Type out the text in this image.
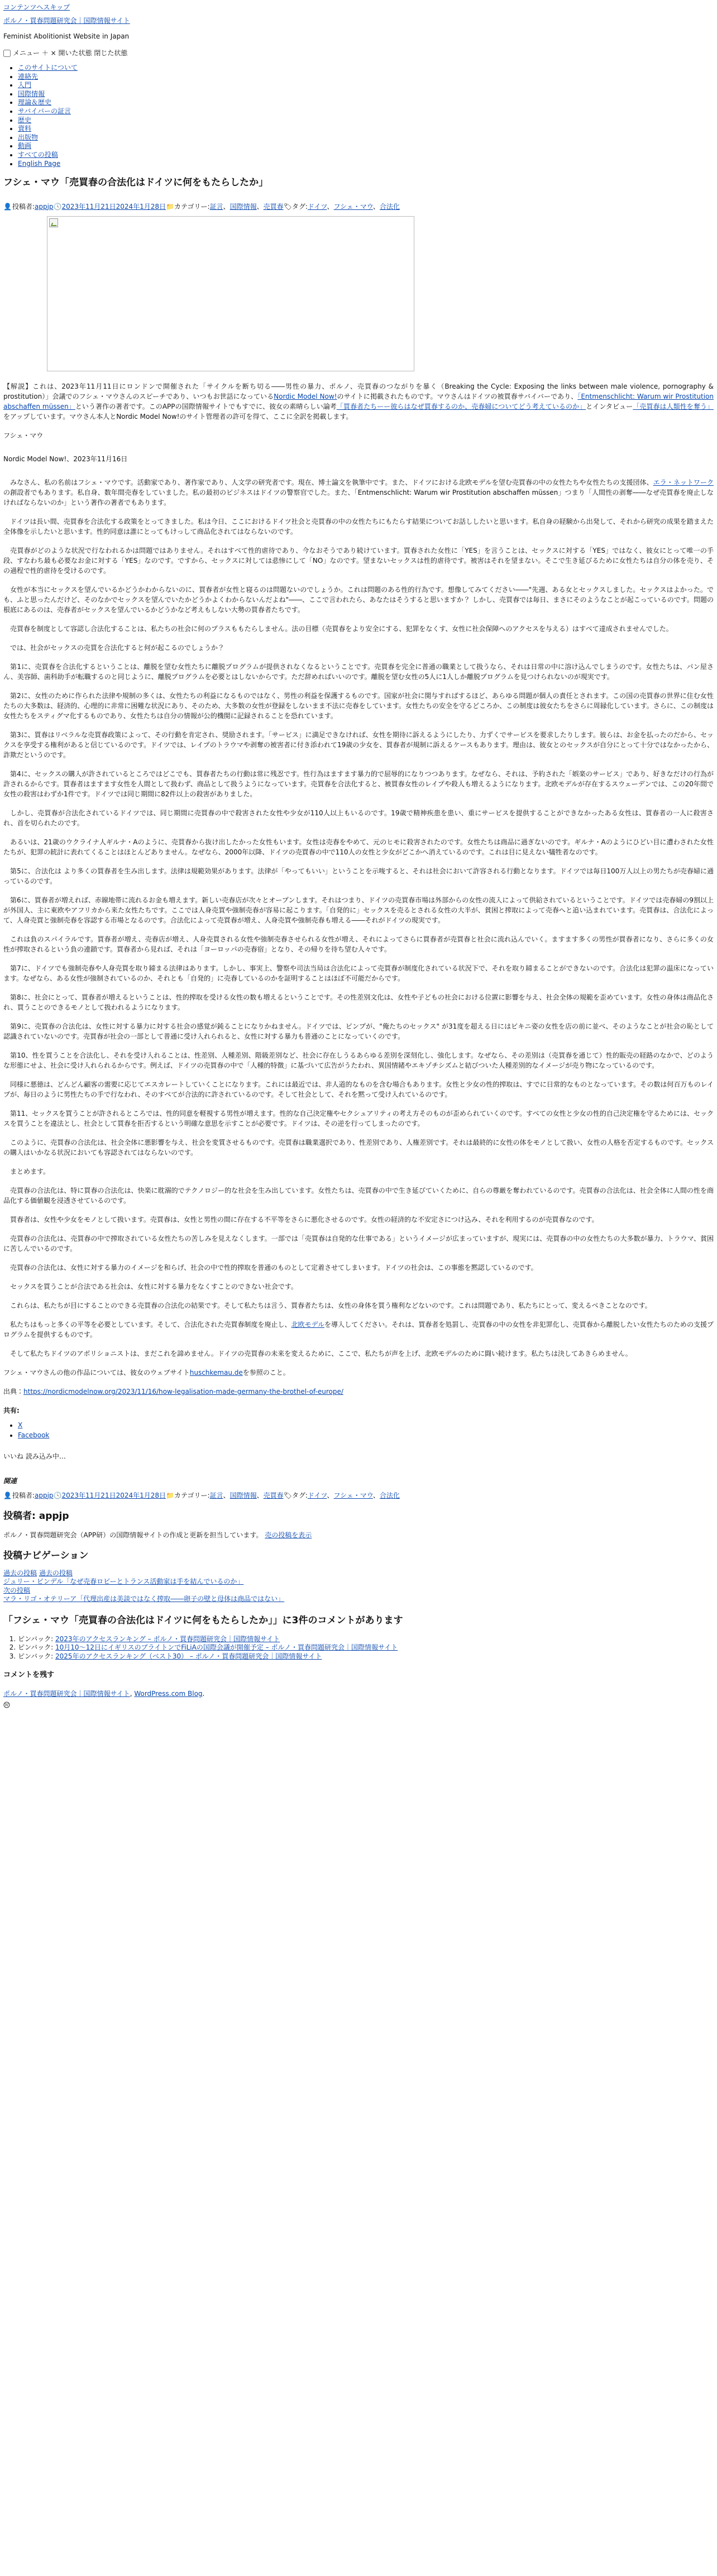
コンテンツへスキップ
ポルノ・買春問題研究会｜国際情報サイト

Feminist Abolitionist Website in Japan

メニュー ＋ × 開いた状態 閉じた状態
• このサイトについて
• 連絡先
• 入門
• 国際情報
• 理論＆歴史
• サバイバーの証言
• 歴史
• 資料
• 出版物
• 動画
• すべての投稿
• English Page
フシェ・マウ「売買春の合法化はドイツに何をもたらしたか」
👤投稿者:appjp🕓2023年11月21日2024年1月28日📁カテゴリー:証言、国際情報、売買春🏷タグ:ドイツ、フシェ・マウ、合法化

【解説】これは、2023年11月11日にロンドンで開催された「サイクルを断ち切る――男性の暴力、ポルノ、売買春のつながりを暴く（Breaking the Cycle: Exposing the links between male violence, pornography & prostitution）」会議でのフシェ・マウさんのスピーチであり、いつもお世話になっているNordic Model Now!のサイトに掲載されたものです。マウさんはドイツの被買春サバイバーであり、「Entmenschlicht: Warum wir Prostitution abschaffen müssen」という著作の著者です。このAPPの国際情報サイトでもすでに、彼女の素晴らしい論考「買春者たちーー彼らはなぜ買春するのか、売春婦についてどう考えているのか」とインタビュー「売買春は人類性を奪う」をアップしています。マウさん本人とNordic Model Now!のサイト管理者の許可を得て、ここに全訳を掲載します。

フシェ・マウ

Nordic Model Now!、2023年11月16日

　みなさん、私の名前はフシェ・マウです。活動家であり、著作家であり、人文学の研究者です。現在、博士論文を執筆中です。また、ドイツにおける北欧モデルを望む売買春の中の女性たちや女性たちの支援団体、エラ・ネットワークの創設者でもあります。私自身、数年間売春をしていました。私の最初のビジネスはドイツの警察官でした。また、「Entmenschlicht: Warum wir Prostitution abschaffen müssen」つまり「人間性の剥奪――なぜ売買春を廃止しなければならないのか」という著作の著者でもあります。

　ドイツは長い間、売買春を合法化する政策をとってきました。私は今日、ここにおけるドイツ社会と売買春の中の女性たちにもたらす結果についてお話ししたいと思います。私自身の経験から出発して、それから研究の成果を踏まえた全体像を示したいと思います。性的同意は誰にとってもけっして商品化されてはならないのです。

　売買春がどのような状況で行なわれるかは問題ではありません。それはすべて性的虐待であり、今なおそうであり続けています。買春された女性に「YES」を言うことは、セックスに対する「YES」ではなく、彼女にとって唯一の手段、すなわち最も必要なお金に対する「YES」なのです。ですから、セックスに対しては悲惨にして「NO」なのです。望まないセックスは性的虐待です。被害はそれを望まない。そこで生き延びるために女性たちは自分の体を売り、その過程で性的虐待を受けるのです。

　女性が本当にセックスを望んでいるかどうかわからないのに、買春者が女性と寝るのは問題ないのでしょうか。これは問題のある性的行為です。想像してみてください――"先週、ある女とセックスしました。セックスはよかった。でも、ふと思ったんだけど、そのなかでセックスを望んでいたかどうかよくわからないんだよね"――、ここで言われたら、あなたはそうすると思いますか？ しかし、売買春では毎日、まさにそのようなことが起こっているのです。問題の根底にあるのは、売春者がセックスを望んでいるかどうかなど考えもしない大勢の買春者たちです。

　売買春を制度として容認し合法化することは、私たちの社会に何のプラスももたらしません。法の目標（売買春をより安全にする、犯罪をなくす、女性に社会保障へのアクセスを与える）はすべて達成されませんでした。

　では、社会がセックスの売買を合法化すると何が起こるのでしょうか？

　第1に、売買春を合法化するということは、離脱を望む女性たちに離脱プログラムが提供されなくなるということです。売買春を完全に普通の職業として扱うなら、それは日常の中に溶け込んでしまうのです。女性たちは、パン屋さん、美容師、歯科助手が転職するのと同じように、離脱プログラムを必要とはしないからです。ただ辞めればいいのです。離脱を望む女性の5人に1人しか離脱プログラムを見つけられないのが現実です。

　第2に、女性のために作られた法律や規制の多くは、女性たちの利益になるものではなく、男性の利益を保護するものです。国家が社会に関与すればするほど、あらゆる問題が個人の責任とされます。この国の売買春の世界に住む女性たちの大多数は、経済的、心理的に非常に困難な状況にあり、そのため、大多数の女性が登録をしないまま不法に売春をしています。女性たちの安全を守るどころか、この制度は彼女たちをさらに周縁化しています。さらに、この制度は女性たちをスティグマ化するものであり、女性たちは自分の情報が公的機関に記録されることを恐れています。

　第3に、買春はリベラルな売買春政策によって、その行動を肯定され、奨励されます。「サービス」に満足できなければ、女性を期待に訴えるようにしたり、力ずくでサービスを要求したりします。彼らは、お金を払ったのだから、セックスを享受する権利があると信じているのです。ドイツでは、レイプのトラウマや剥奪の被害者に付き添われて19歳の少女を、買春者が規制に訴えるケースもあります。理由は、彼女とのセックスが自分にとって十分ではなかったから、詐欺だというのです。

　第4に、セックスの購入が許されているところではどこでも、買春者たちの行動は常に残忍です。性行為はますます暴力的で屈辱的になりつつあります。なぜなら、それは、予約された「娯楽のサービス」であり、好きなだけの行為が許されるからです。買春者はますます女性を人間として扱わず、商品として扱うようになっています。売買春を合法化すると、被買春女性のレイプや殺人も増えるようになります。北欧モデルが存在するスウェーデンでは、この20年間で女性の殺害はわずか1件です。ドイツでは同じ期間に82件以上の殺害がありました。

　しかし、売買春が合法化されているドイツでは、同じ期間に売買春の中で殺害された女性や少女が110人以上もいるのです。19歳で精神疾患を患い、重にサービスを提供することができなかったある女性は、買春者の一人に殺害され、首を切られたのです。

　あるいは、21歳のウクライナ人ギルナ・Aのように、売買春から抜け出したかった女性もいます。女性は売春をやめて、元のヒモに殺害されたのです。女性たちは商品に過ぎないのです。ギルナ・Aのようにひどい目に遭わされた女性たちが、犯罪の統計に表れてくることはほとんどありません。なぜなら、2000年以降、ドイツの売買春の中で110人の女性と少女がどこかへ消えているのです。これは目に見えない犠牲者なのです。

　第5に、合法化は より多くの買春者を生み出します。法律は規範効果があります。法律が「やってもいい」ということを示唆すると、それは社会において許容される行動となります。ドイツでは毎日100万人以上の男たちが売春婦に通っているのです。

　第6に、買春者が増えれば、赤線地帯に流れるお金も増えます。新しい売春店が次々とオープンします。それはつまり、ドイツの売買春市場は外部からの女性の流入によって供給されているということです。ドイツでは売春婦の9割以上が外国人、主に東欧やアフリカから来た女性たちです。ここでは人身売買や強制売春が容易に起こります。「自発的に」セックスを売るとされる女性の大半が、貧困と搾取によって売春へと追い込まれています。売買春は、合法化によって、人身売買と強制売春を容認する市場となるのです。合法化によって売買春が増え、人身売買や強制売春も増える――それがドイツの現実です。

　これは負のスパイラルです。買春者が増え、売春店が増え、人身売買される女性や強制売春させられる女性が増え、それによってさらに買春者が売買春と社会に流れ込んでいく。ますます多くの男性が買春者になり、さらに多くの女性が搾取されるという負の連鎖です。買春者から見れば、それは「ヨーロッパの売春宿」となり、その帰りを待ち望む人々です。

　第7に、ドイツでも強制売春や人身売買を取り締まる法律はあります。しかし、事実上、警察や司法当局は合法化によって売買春が制度化されている状況下で、それを取り締まることができないのです。合法化は犯罪の温床になっています。なぜなら、ある女性が強制されているのか、それとも「自発的」に売春しているのかを証明することはほぼ不可能だからです。

　第8に、社会にとって、買春者が増えるということは、性的搾取を受ける女性の数も増えるということです。その性差別文化は、女性や子どもの社会における位置に影響を与え、社会全体の規範を歪めています。女性の身体は商品化され、買うことのできるモノとして扱われるようになります。

　第9に、売買春の合法化は、女性に対する暴力に対する社会の感覚が鈍ることになりかねません。ドイツでは、ピンプが、"俺たちのセックス" が31度を超える日にはビキニ姿の女性を店の前に並べ、そのようなことが社会の恥として認識されていないのです。売買春が社会の一部として普通に受け入れられると、女性に対する暴力も普通のことになっていくのです。

　第10、性を買うことを合法化し、それを受け入れることは、性差別、人種差別、階級差別など、社会に存在しうるあらゆる差別を深刻化し、強化します。なぜなら、その差別は（売買春を通じて）性的販売の経路のなかで、どのような形態にせよ、社会に受け入れられるからです。例えば、ドイツの売買春の中で「人種的特徴」に基づいて広告がうたわれ、異国情緒やエキゾチシズムと結びついた人種差別的なイメージが売り物になっているのです。

　同様に悪徳は、どんどん顧客の需要に応じてエスカレートしていくことになります。これには最近では、非人道的なものを含む場合もあります。女性と少女の性的搾取は、すでに日常的なものとなっています。その数は何百万ものレイプが、毎日のように男性たちの手で行なわれ、そのすべてが合法的に許されているのです。そして社会として、それを黙って受け入れているのです。

　第11、セックスを買うことが許されるところでは、性的同意を軽視する男性が増えます。性的な自己決定権やセクシュアリティの考え方そのものが歪められていくのです。すべての女性と少女の性的自己決定権を守るためには、セックスを買うことを違法とし、社会として買春を拒否するという明確な意思を示すことが必要です。ドイツは、その逆を行ってしまったのです。

　このように、売買春の合法化は、社会全体に悪影響を与え、社会を変質させるものです。売買春は職業選択であり、性差別であり、人権差別です。それは最終的に女性の体をモノとして扱い、女性の人格を否定するものです。セックスの購入はいかなる状況においても容認されてはならないのです。

　まとめます。

　売買春の合法化は、特に買春の合法化は、快楽に耽溺的でテクノロジー的な社会を生み出しています。女性たちは、売買春の中で生き延びていくために、自らの尊厳を奪われているのです。売買春の合法化は、社会全体に人間の性を商品化する価値観を浸透させているのです。

　買春者は、女性や少女をモノとして扱います。売買春は、女性と男性の間に存在する不平等をさらに悪化させるのです。女性の経済的な不安定さにつけ込み、それを利用するのが売買春なのです。

　売買春の合法化は、売買春の中で搾取されている女性たちの苦しみを見えなくします。一部では「売買春は自発的な仕事である」というイメージが広まっていますが、現実には、売買春の中の女性たちの大多数が暴力、トラウマ、貧困に苦しんでいるのです。

　売買春の合法化は、女性に対する暴力のイメージを和らげ、社会の中で性的搾取を普通のものとして定着させてしまいます。ドイツの社会は、この事態を黙認しているのです。

　セックスを買うことが合法である社会は、女性に対する暴力をなくすことのできない社会です。

　これらは、私たちが目にすることのできる売買春の合法化の結果です。そして私たちは言う、買春者たちは、女性の身体を買う権利などないのです。これは問題であり、私たちにとって、変えるべきことなのです。

　私たちはもっと多くの平等を必要としています。そして、合法化された売買春制度を廃止し、北欧モデルを導入してください。それは、買春者を処罰し、売買春の中の女性を非犯罪化し、売買春から離脱したい女性たちのための支援プログラムを提供するものです。

　そして私たちドイツのアボリショニストは、まだこれを諦めません。ドイツの売買春の未来を変えるために、ここで、私たちが声を上げ、北欧モデルのために闘い続けます。私たちは決してあきらめません。

フシェ・マウさんの他の作品については、彼女のウェブサイトhuschkemau.deを参照のこと。

出典：https://nordicmodelnow.org/2023/11/16/how-legalisation-made-germany-the-brothel-of-europe/

共有:
• X
• Facebook

いいね 読み込み中…

関連
👤投稿者:appjp🕓2023年11月21日2024年1月28日📁カテゴリー:証言、国際情報、売買春🏷タグ:ドイツ、フシェ・マウ、合法化
投稿者: appjp

ポルノ・買春問題研究会（APP研）の国際情報サイトの作成と更新を担当しています。 売の投稿を表示

投稿ナビゲーション
過去の投稿 過去の投稿
ジュリー・ビンデル「なぜ売春ロビーとトランス活動家は手を結んでいるのか」
次の投稿
マラ・リゴ・オテリーア「代理出産は美談ではなく搾取――卵子の壁と母体は商品ではない」
「フシェ・マウ「売買春の合法化はドイツに何をもたらしたか」」に3件のコメントがあります
1. ピンバック: 2023年のアクセスランキング – ポルノ・買春問題研究会｜国際情報サイト
2. ピンバック: 10月10〜12日にイギリスのブライトンでFiLiAの国際会議が開催予定 – ポルノ・買春問題研究会｜国際情報サイト
3. ピンバック: 2025年のアクセスランキング（ベスト30） – ポルノ・買春問題研究会｜国際情報サイト
コメントを残す
ポルノ・買春問題研究会｜国際情報サイト, WordPress.com Blog.
W
